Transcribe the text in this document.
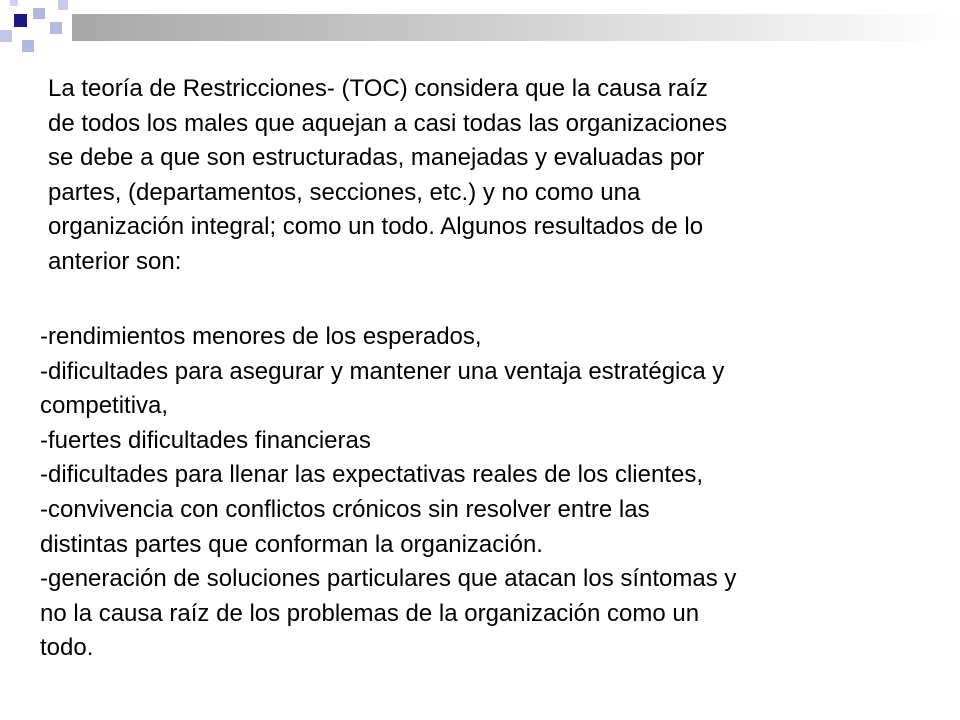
La teoría de Restricciones- (TOC) considera que la causa raíz
de todos los males que aquejan a casi todas las organizaciones
se debe a que son estructuradas, manejadas y evaluadas por
partes, (departamentos, secciones, etc.) y no como una
organización integral; como un todo. Algunos resultados de lo
anterior son:

-rendimientos menores de los esperados,
-dificultades para asegurar y mantener una ventaja estratégica y
competitiva,
-fuertes dificultades financieras
-dificultades para llenar las expectativas reales de los clientes,
-convivencia con conflictos crónicos sin resolver entre las
distintas partes que conforman la organización.
-generación de soluciones particulares que atacan los síntomas y
no la causa raíz de los problemas de la organización como un
todo.
